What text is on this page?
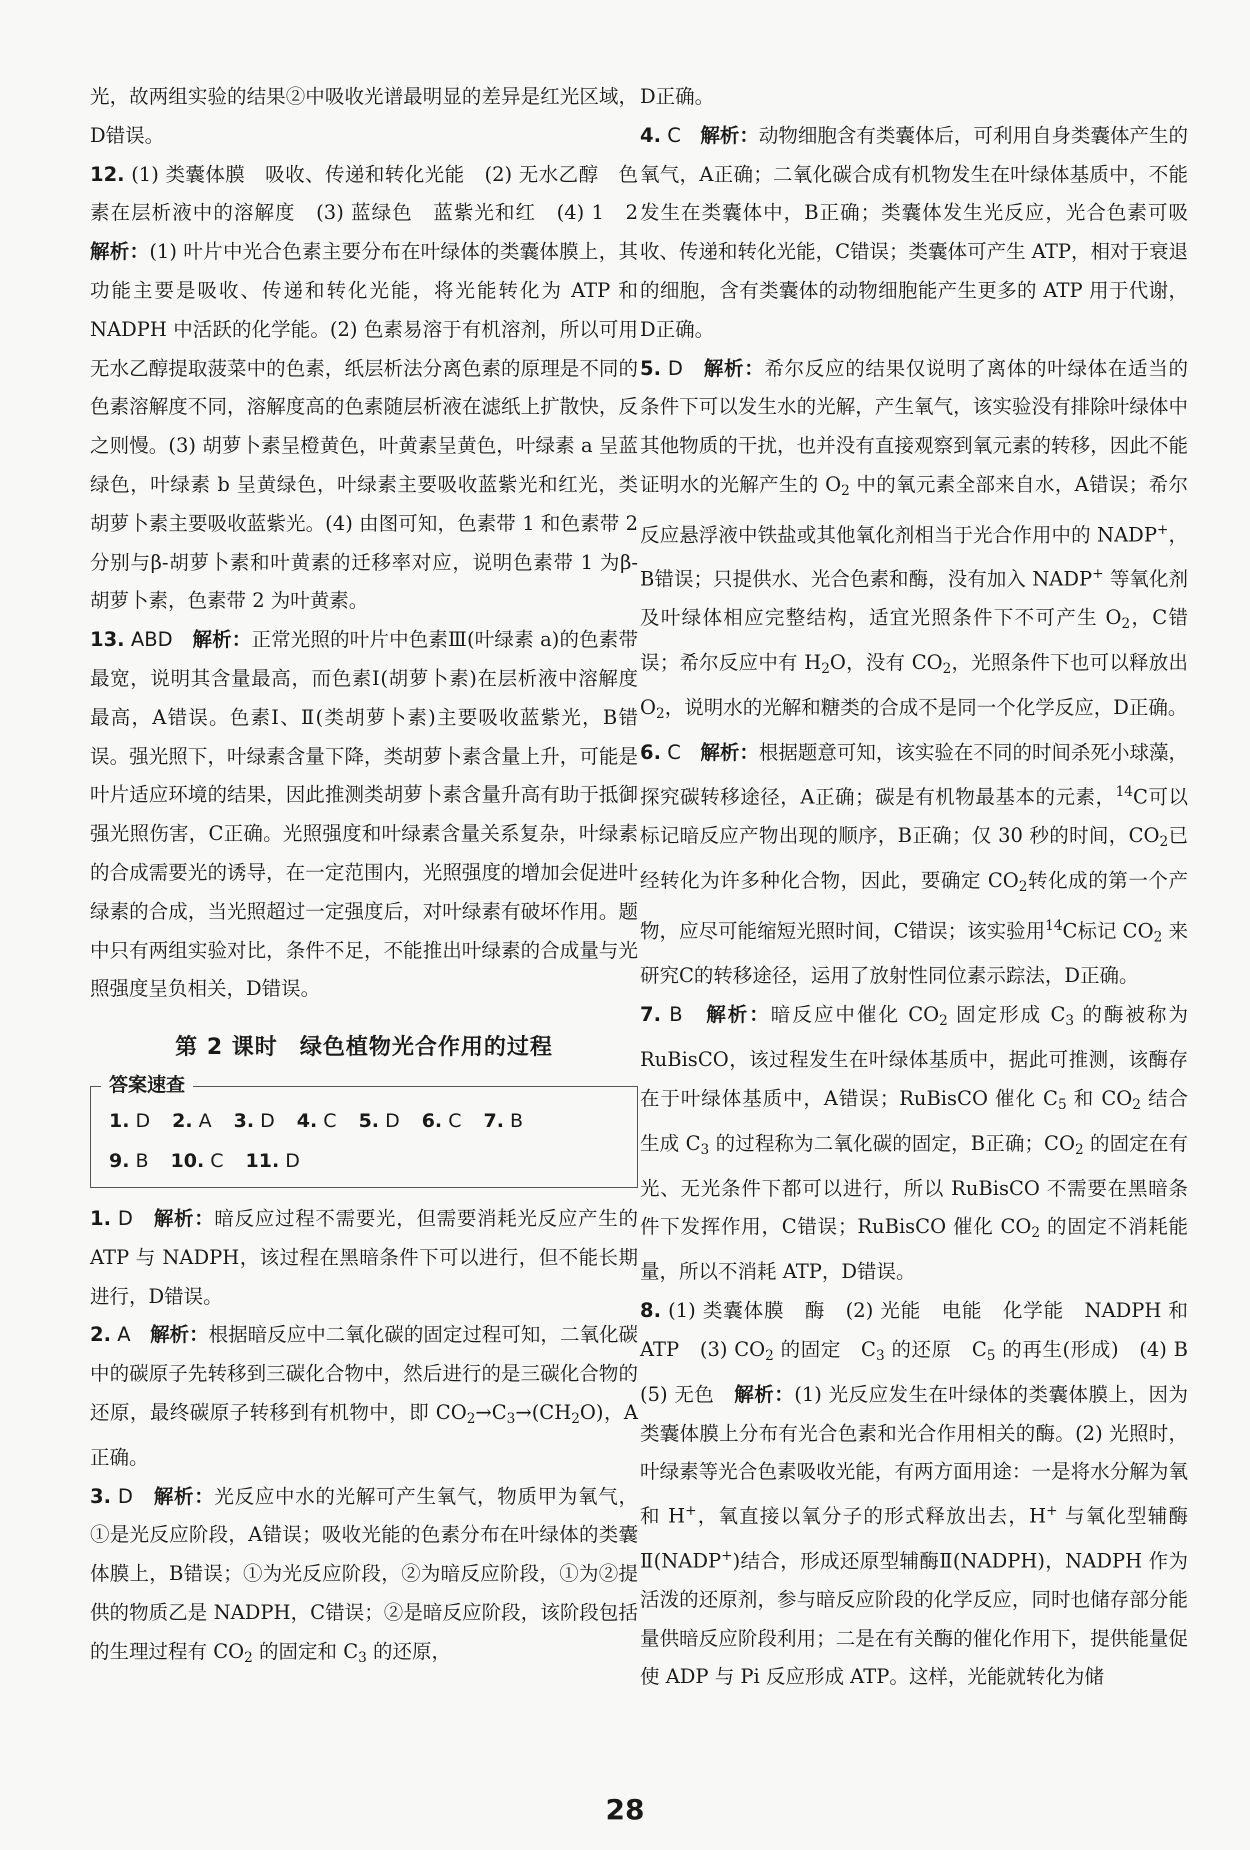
光，故两组实验的结果②中吸收光谱最明显的差异是红光区域，D错误。

12. (1) 类囊体膜　吸收、传递和转化光能　(2) 无水乙醇　色素在层析液中的溶解度　(3) 蓝绿色　蓝紫光和红　(4) 1　2　解析：(1) 叶片中光合色素主要分布在叶绿体的类囊体膜上，其功能主要是吸收、传递和转化光能，将光能转化为 ATP 和 NADPH 中活跃的化学能。(2) 色素易溶于有机溶剂，所以可用无水乙醇提取菠菜中的色素，纸层析法分离色素的原理是不同的色素溶解度不同，溶解度高的色素随层析液在滤纸上扩散快，反之则慢。(3) 胡萝卜素呈橙黄色，叶黄素呈黄色，叶绿素 a 呈蓝绿色，叶绿素 b 呈黄绿色，叶绿素主要吸收蓝紫光和红光，类胡萝卜素主要吸收蓝紫光。(4) 由图可知，色素带 1 和色素带 2 分别与β-胡萝卜素和叶黄素的迁移率对应，说明色素带 1 为β-胡萝卜素，色素带 2 为叶黄素。

13. ABD　 解析：正常光照的叶片中色素Ⅲ(叶绿素 a)的色素带最宽，说明其含量最高，而色素Ⅰ(胡萝卜素)在层析液中溶解度最高，A错误。色素Ⅰ、Ⅱ(类胡萝卜素)主要吸收蓝紫光，B错误。强光照下，叶绿素含量下降，类胡萝卜素含量上升，可能是叶片适应环境的结果，因此推测类胡萝卜素含量升高有助于抵御强光照伤害，C正确。光照强度和叶绿素含量关系复杂，叶绿素的合成需要光的诱导，在一定范围内，光照强度的增加会促进叶绿素的合成，当光照超过一定强度后，对叶绿素有破坏作用。题中只有两组实验对比，条件不足，不能推出叶绿素的合成量与光照强度呈负相关，D错误。

第 2 课时 绿色植物光合作用的过程
答案速查
1. D 2. A 3. D 4. C 5. D 6. C 7. B
9. B 10. C 11. D

1. D　 解析：暗反应过程不需要光，但需要消耗光反应产生的 ATP 与 NADPH，该过程在黑暗条件下可以进行，但不能长期进行，D错误。

2. A　 解析：根据暗反应中二氧化碳的固定过程可知，二氧化碳中的碳原子先转移到三碳化合物中，然后进行的是三碳化合物的还原，最终碳原子转移到有机物中，即 $CO_2\to C_3\to(CH_2O)$，A正确。

3. D　 解析：光反应中水的光解可产生氧气，物质甲为氧气，①是光反应阶段，A错误；吸收光能的色素分布在叶绿体的类囊体膜上，B错误；①为光反应阶段，②为暗反应阶段，①为②提供的物质乙是 NADPH，C错误；②是暗反应阶段，该阶段包括的生理过程有 $CO_2$ 的固定和 $C_3$ 的还原，

D正确。

4. C　 解析：动物细胞含有类囊体后，可利用自身类囊体产生的氧气，A正确；二氧化碳合成有机物发生在叶绿体基质中，不能发生在类囊体中，B正确；类囊体发生光反应，光合色素可吸收、传递和转化光能，C错误；类囊体可产生 ATP，相对于衰退的细胞，含有类囊体的动物细胞能产生更多的 ATP 用于代谢，D正确。

5. D　 解析：希尔反应的结果仅说明了离体的叶绿体在适当的条件下可以发生水的光解，产生氧气，该实验没有排除叶绿体中其他物质的干扰，也并没有直接观察到氧元素的转移，因此不能证明水的光解产生的 $O_2$ 中的氧元素全部来自水，A错误；希尔反应悬浮液中铁盐或其他氧化剂相当于光合作用中的 NADP+，B错误；只提供水、光合色素和酶，没有加入 NADP+ 等氧化剂及叶绿体相应完整结构，适宜光照条件下不可产生 $O_2$，C错误；希尔反应中有 $H_2O$，没有 $CO_2$，光照条件下也可以释放出 $O_2$，说明水的光解和糖类的合成不是同一个化学反应，D正确。

6. C　 解析：根据题意可知，该实验在不同的时间杀死小球藻，探究碳转移途径，A正确；碳是有机物最基本的元素，$^{14}$C可以标记暗反应产物出现的顺序，B正确；仅 30 秒的时间，$CO_2$已经转化为许多种化合物，因此，要确定 $CO_2$转化成的第一个产物，应尽可能缩短光照时间，C错误；该实验用$^{14}$C标记 $CO_2$ 来研究C的转移途径，运用了放射性同位素示踪法，D正确。

7. B　 解析：暗反应中催化 $CO_2$ 固定形成 $C_3$ 的酶被称为 RuBisCO，该过程发生在叶绿体基质中，据此可推测，该酶存在于叶绿体基质中，A错误；RuBisCO 催化 $C_5$ 和 $CO_2$ 结合生成 $C_3$ 的过程称为二氧化碳的固定，B正确；$CO_2$ 的固定在有光、无光条件下都可以进行，所以 RuBisCO 不需要在黑暗条件下发挥作用，C错误；RuBisCO 催化 $CO_2$ 的固定不消耗能量，所以不消耗 ATP，D错误。

8. (1) 类囊体膜　酶　(2) 光能　电能　化学能　NADPH 和 ATP　(3) $CO_2$ 的固定　$C_3$ 的还原　$C_5$ 的再生(形成)　(4) B　(5) 无色　解析：(1) 光反应发生在叶绿体的类囊体膜上，因为类囊体膜上分布有光合色素和光合作用相关的酶。(2) 光照时，叶绿素等光合色素吸收光能，有两方面用途：一是将水分解为氧和 H+，氧直接以氧分子的形式释放出去，H+ 与氧化型辅酶Ⅱ(NADP+)结合，形成还原型辅酶Ⅱ(NADPH)，NADPH 作为活泼的还原剂，参与暗反应阶段的化学反应，同时也储存部分能量供暗反应阶段利用；二是在有关酶的催化作用下，提供能量促使 ADP 与 Pi 反应形成 ATP。这样，光能就转化为储

28
